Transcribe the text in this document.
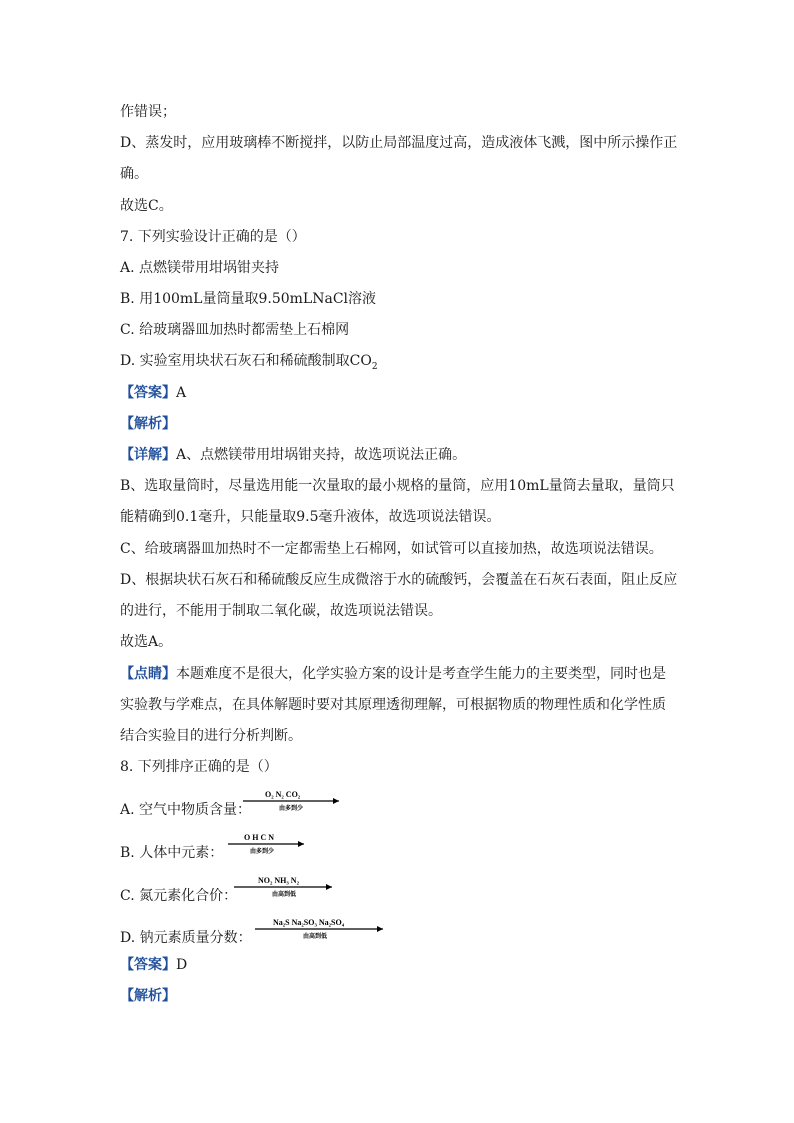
作错误；
D、蒸发时，应用玻璃棒不断搅拌，以防止局部温度过高，造成液体飞溅，图中所示操作正
确。
故选C。
7. 下列实验设计正确的是（）
A. 点燃镁带用坩埚钳夹持
B. 用100mL量筒量取9.50mLNaCl溶液
C. 给玻璃器皿加热时都需垫上石棉网
D. 实验室用块状石灰石和稀硫酸制取$CO_2$
【答案】A
【解析】
【详解】A、点燃镁带用坩埚钳夹持，故选项说法正确。
B、选取量筒时，尽量选用能一次量取的最小规格的量筒，应用10mL量筒去量取，量筒只
能精确到0.1毫升，只能量取9.5毫升液体，故选项说法错误。
C、给玻璃器皿加热时不一定都需垫上石棉网，如试管可以直接加热，故选项说法错误。
D、根据块状石灰石和稀硫酸反应生成微溶于水的硫酸钙，会覆盖在石灰石表面，阻止反应
的进行，不能用于制取二氧化碳，故选项说法错误。
故选A。
【点睛】本题难度不是很大，化学实验方案的设计是考查学生能力的主要类型，同时也是
实验教与学难点，在具体解题时要对其原理透彻理解，可根据物质的物理性质和化学性质
结合实验目的进行分析判断。
8. 下列排序正确的是（）
A. 空气中物质含量：
O₂ N₂ CO₂
由多到少
B. 人体中元素：
O H C N
由多到少
C. 氮元素化合价：
NO₂ NH₃ N₂
由高到低
D. 钠元素质量分数：
Na₂S Na₂SO₃ Na₂SO₄
由高到低
【答案】D
【解析】
